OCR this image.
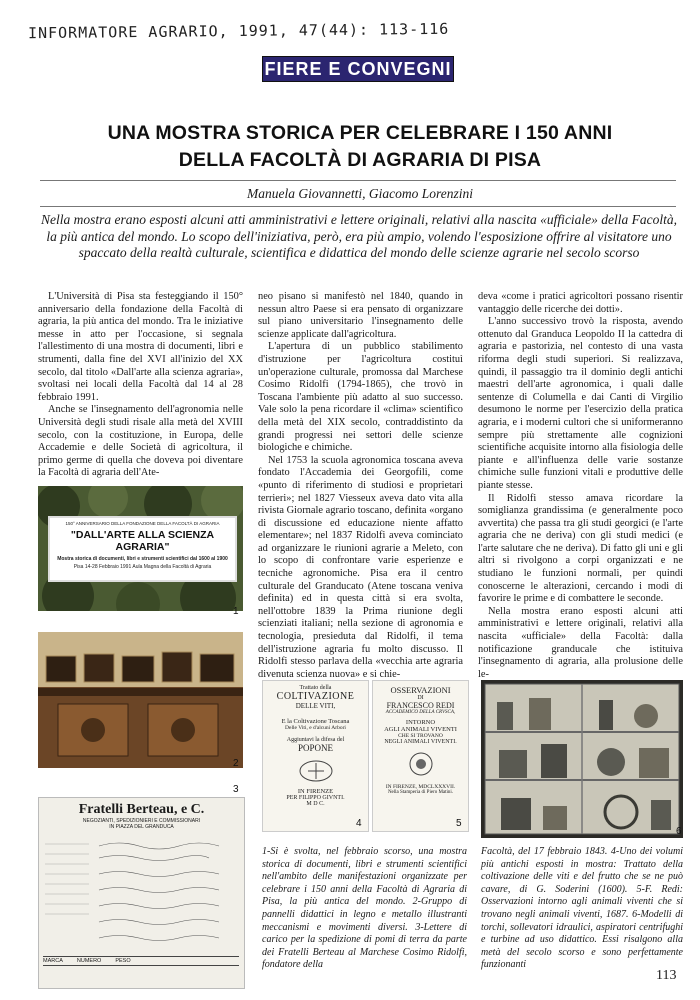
INFORMATORE AGRARIO, 1991, 47(44): 113-116
FIERE E CONVEGNI
UNA MOSTRA STORICA PER CELEBRARE I 150 ANNI
DELLA FACOLTÀ DI AGRARIA DI PISA
Manuela Giovannetti, Giacomo Lorenzini
Nella mostra erano esposti alcuni atti amministrativi e lettere originali, relativi alla nascita «ufficiale» della Facoltà, la più antica del mondo. Lo scopo dell'iniziativa, però, era più ampio, volendo l'esposizione offrire al visitatore uno spaccato della realtà culturale, scientifica e didattica del mondo delle scienze agrarie nel secolo scorso

L'Università di Pisa sta festeggiando il 150° anniversario della fondazione della Facoltà di agraria, la più antica del mondo. Tra le iniziative messe in atto per l'occasione, si segnala l'allestimento di una mostra di documenti, libri e strumenti, dalla fine del XVI all'inizio del XX secolo, dal titolo «Dall'arte alla scienza agraria», svoltasi nei locali della Facoltà dal 14 al 28 febbraio 1991.

Anche se l'insegnamento dell'agronomia nelle Università degli studi risale alla metà del XVIII secolo, con la costituzione, in Europa, delle Accademie e delle Società di agricoltura, il primo germe di quella che doveva poi diventare la Facoltà di agraria dell'Ate-

neo pisano si manifestò nel 1840, quando in nessun altro Paese si era pensato di organizzare sul piano universitario l'insegnamento delle scienze applicate dall'agricoltura.

L'apertura di un pubblico stabilimento d'istruzione per l'agricoltura costituì un'operazione culturale, promossa dal Marchese Cosimo Ridolfi (1794-1865), che trovò in Toscana l'ambiente più adatto al suo successo. Vale solo la pena ricordare il «clima» scientifico della metà del XIX secolo, contraddistinto da grandi progressi nei settori delle scienze biologiche e chimiche.

Nel 1753 la scuola agronomica toscana aveva fondato l'Accademia dei Georgofili, come «punto di riferimento di studiosi e proprietari terrieri»; nel 1827 Viesseux aveva dato vita alla rivista Giornale agrario toscano, definita «organo di discussione ed educazione niente affatto elementare»; nel 1837 Ridolfi aveva cominciato ad organizzare le riunioni agrarie a Meleto, con lo scopo di confrontare varie esperienze e tecniche agronomiche. Pisa era il centro culturale del Granducato (Atene toscana veniva definita) ed in questa città si era svolta, nell'ottobre 1839 la Prima riunione degli scienziati italiani; nella sezione di agronomia e tecnologia, presieduta dal Ridolfi, il tema dell'istruzione agraria fu molto discusso. Il Ridolfi stesso parlava della «vecchia arte agraria divenuta scienza nuova» e si chie-

deva «come i pratici agricoltori possano risentir vantaggio delle ricerche dei dotti».

L'anno successivo trovò la risposta, avendo ottenuto dal Granduca Leopoldo II la cattedra di agraria e pastorizia, nel contesto di una vasta riforma degli studi superiori. Si realizzava, quindi, il passaggio tra il dominio degli antichi maestri dell'arte agronomica, i quali dalle sentenze di Columella e dai Canti di Virgilio desumono le norme per l'esercizio della pratica agraria, e i moderni cultori che si uniformeranno sempre più strettamente alle cognizioni scientifiche acquisite intorno alla fisiologia delle piante e all'influenza delle varie sostanze chimiche sulle funzioni vitali e produttive delle piante stesse.

Il Ridolfi stesso amava ricordare la somiglianza grandissima (e generalmente poco avvertita) che passa tra gli studi georgici (e l'arte agraria che ne deriva) con gli studi medici (e l'arte salutare che ne deriva). Di fatto gli uni e gli altri si rivolgono a corpi organizzati e ne studiano le funzioni normali, per quindi conoscerne le alterazioni, cercando i modi di favorire le prime e di combattere le seconde.

Nella mostra erano esposti alcuni atti amministrativi e lettere originali, relativi alla nascita «ufficiale» della Facoltà: dalla notificazione granducale che istituiva l'insegnamento di agraria, alla prolusione delle le-

150° ANNIVERSARIO DELLA FONDAZIONE DELLA FACOLTÀ DI AGRARIA
"DALL'ARTE ALLA SCIENZA AGRARIA"
Mostra storica di documenti, libri e strumenti scientifici dal 1600 al 1900
Pisa 14-28 Febbraio 1991 Aula Magna della Facoltà di Agraria
1
2
3
Fratelli Berteau, e C.
NEGOZIANTI, SPEDIZIONIERI E COMMISSIONARI
IN PIAZZA DEL GRANDUCA
MARCA	NUMERO	PESO
Trattato della
COLTIVAZIONE
DELLE VITI,
E la Coltivazione Toscana
Delle Viti, e d'alcuni Arbori
Aggiuntavi la difesa del
POPONE
IN FIRENZE
PER FILIPPO GIVNTI.
M D C.
4
OSSERVAZIONI
DI
FRANCESCO REDI
ACCADEMICO DELLA CRVSCA,
INTORNO
AGLI ANIMALI VIVENTI
CHE SI TROVANO
NEGLI ANIMALI VIVENTI.
IN FIRENZE, MDCLXXXVII.
Nella Stamperia di Piero Matini.
5
6
1-Si è svolta, nel febbraio scorso, una mostra storica di documenti, libri e strumenti scientifici nell'ambito delle manifestazioni organizzate per celebrare i 150 anni della Facoltà di Agraria di Pisa, la più antica del mondo. 2-Gruppo di pannelli didattici in legno e metallo illustranti meccanismi e movimenti diversi. 3-Lettere di carico per la spedizione di pomi di terra da parte dei Fratelli Berteau al Marchese Cosimo Ridolfi, fondatore della
Facoltà, del 17 febbraio 1843. 4-Uno dei volumi più antichi esposti in mostra: Trattato della coltivazione delle viti e del frutto che se ne può cavare, di G. Soderini (1600). 5-F. Redi: Osservazioni intorno agli animali viventi che si trovano negli animali viventi, 1687. 6-Modelli di torchi, sollevatori idraulici, aspiratori centrifughi e turbine ad uso didattico. Essi risalgono alla metà del secolo scorso e sono perfettamente funzionanti
113
